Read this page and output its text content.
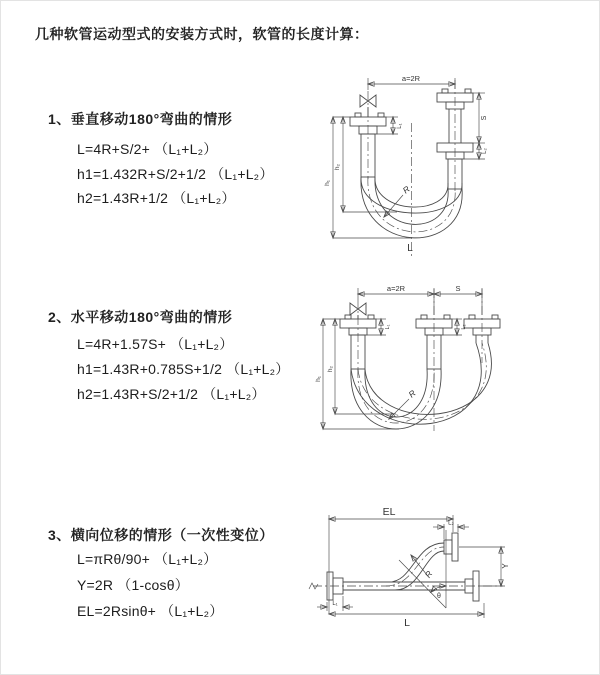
几种软管运动型式的安装方式时，软管的长度计算：
1、垂直移动180°弯曲的情形
L=4R+S/2+ （L₁+L₂）
h1=1.432R+S/2+1/2 （L₁+L₂）
h2=1.43R+1/2 （L₁+L₂）
2、水平移动180°弯曲的情形
L=4R+1.57S+ （L₁+L₂）
h1=1.43R+0.785S+1/2 （L₁+L₂）
h2=1.43R+S/2+1/2 （L₁+L₂）
3、横向位移的情形（一次性变位）
L=πRθ/90+ （L₁+L₂）
Y=2R （1-cosθ）
EL=2Rsinθ+ （L₁+L₂）
a=2R
L₁
S
L₂
R
h₁
h₂
L
a=2R	S
L₁	L₂
R
h₁
h₂
EL
L₂
Y
θ
R
L
L₁
